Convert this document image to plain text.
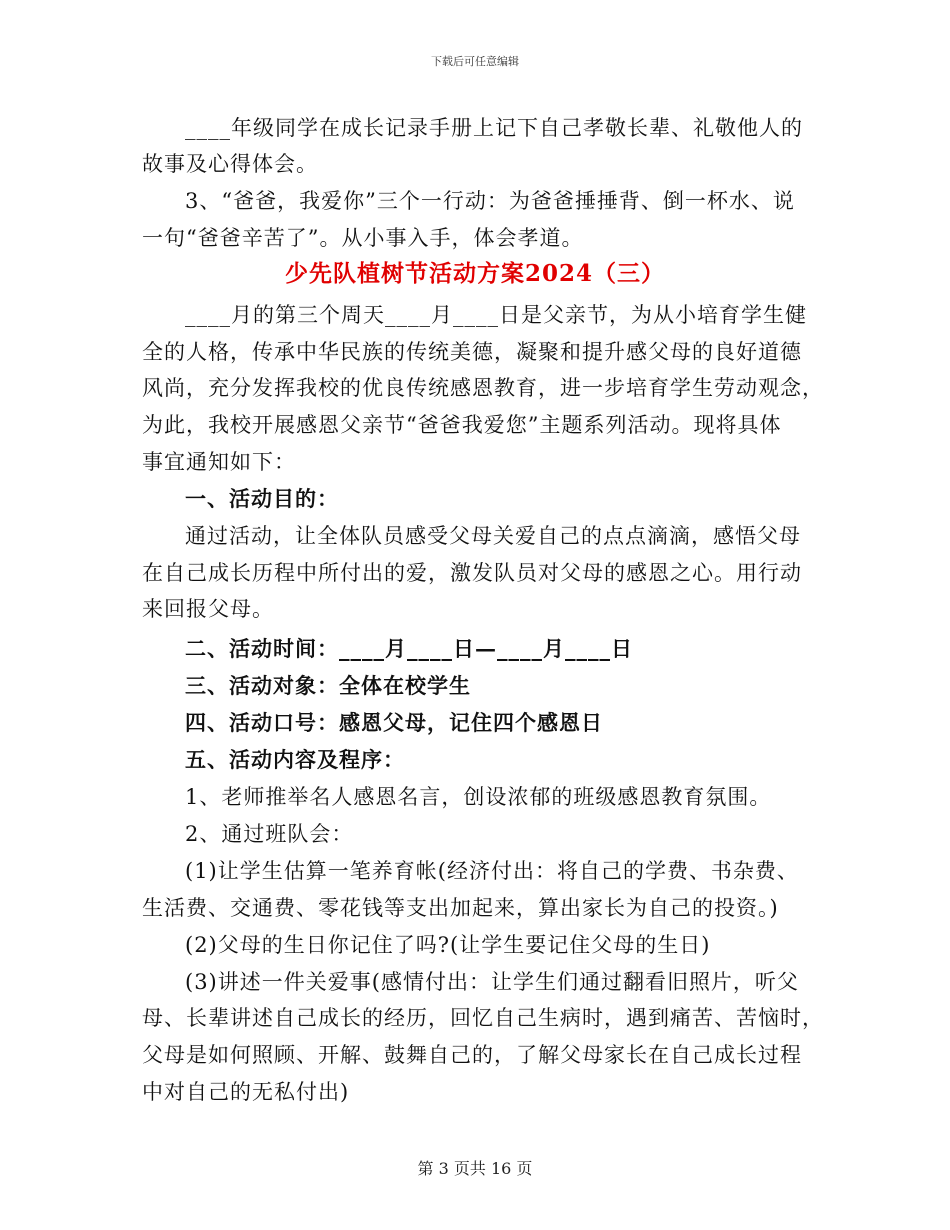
下载后可任意编辑
____年级同学在成长记录手册上记下自己孝敬长辈、礼敬他人的
故事及心得体会。
3、“爸爸，我爱你”三个一行动：为爸爸捶捶背、倒一杯水、说
一句“爸爸辛苦了”。从小事入手，体会孝道。
少先队植树节活动方案2024（三）
____月的第三个周天____月____日是父亲节，为从小培育学生健
全的人格，传承中华民族的传统美德，凝聚和提升感父母的良好道德
风尚，充分发挥我校的优良传统感恩教育，进一步培育学生劳动观念，
为此，我校开展感恩父亲节“爸爸我爱您”主题系列活动。现将具体
事宜通知如下：
一、活动目的：
通过活动，让全体队员感受父母关爱自己的点点滴滴，感悟父母
在自己成长历程中所付出的爱，激发队员对父母的感恩之心。用行动
来回报父母。
二、活动时间：____月____日—____月____日
三、活动对象：全体在校学生
四、活动口号：感恩父母，记住四个感恩日
五、活动内容及程序：
1、老师推举名人感恩名言，创设浓郁的班级感恩教育氛围。
2、通过班队会：
(1)让学生估算一笔养育帐(经济付出：将自己的学费、书杂费、
生活费、交通费、零花钱等支出加起来，算出家长为自己的投资。)
(2)父母的生日你记住了吗?(让学生要记住父母的生日)
(3)讲述一件关爱事(感情付出：让学生们通过翻看旧照片，听父
母、长辈讲述自己成长的经历，回忆自己生病时，遇到痛苦、苦恼时，
父母是如何照顾、开解、鼓舞自己的，了解父母家长在自己成长过程
中对自己的无私付出)
第 3 页共 16 页
